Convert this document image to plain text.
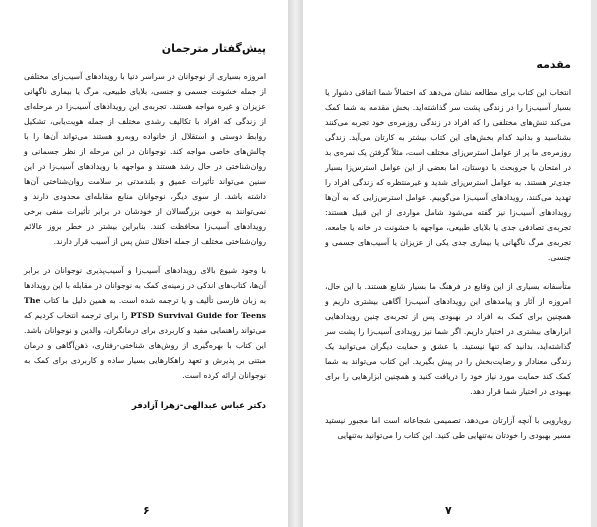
پیش‌گفتار مترجمان

امروزه بسیاری از نوجوانان در سراسر دنیا با رویدادهای آسیب‌زای مختلفی از جمله خشونت جسمی و جنسی، بلایای طبیعی، مرگ یا بیماری ناگهانی عزیزان و غیره مواجه هستند. تجربه‌ی این رویدادهای آسیب‌زا در مرحله‌ای از زندگی که افراد با تکالیف رشدی مختلف از جمله هویت‌یابی، تشکیل روابط دوستی و استقلال از خانواده روبه‌رو هستند می‌تواند آن‌ها را با چالش‌های خاصی مواجه کند. نوجوانان در این مرحله از نظر جسمانی و روان‌شناختی در حال رشد هستند و مواجهه با رویدادهای آسیب‌زا در این سنین می‌تواند تأثیرات عمیق و بلندمدتی بر سلامت روان‌شناختی آن‌ها داشته باشد. از سوی دیگر، نوجوانان منابع مقابله‌ای محدودی دارند و نمی‌توانند به خوبی بزرگسالان از خودشان در برابر تأثیرات منفی برخی رویدادهای آسیب‌زا محافظت کنند. بنابراین بیشتر در خطر بروز عالائم روان‌شناختی مختلف از جمله اختلال تنش پس از آسیب قرار دارند.

با وجود شیوع بالای رویدادهای آسیب‌زا و آسیب‌پذیری نوجوانان در برابر آن‌ها، کتاب‌های اندکی در زمینه‌ی کمک به نوجوانان در مقابله با این رویدادها به زبان فارسی تألیف و یا ترجمه شده است. به همین دلیل ما کتاب The PTSD Survival Guide for Teens را برای ترجمه انتخاب کردیم که می‌تواند راهنمایی مفید و کاربردی برای درمانگران، والدین و نوجوانان باشد. این کتاب با بهره‌گیری از روش‌های شناختی-رفتاری، ذهن‌آگاهی و درمان مبتنی بر پذیرش و تعهد راهکارهایی بسیار ساده و کاربردی برای کمک به نوجوانان ارائه کرده است.

دکتر عباس عبدالهی-زهرا آزادفر
۶
مقدمه

انتخاب این کتاب برای مطالعه نشان می‌دهد که احتمالاً شما اتفاقی دشوار یا بسیار آسیب‌زا را در زندگی پشت سر گذاشته‌اید. بخش مقدمه به شما کمک می‌کند تنش‌های مختلفی را که افراد در زندگی روزمره‌ی خود تجربه می‌کنند بشناسید و بدانید کدام بخش‌های این کتاب بیشتر به کارتان می‌آید. زندگی روزمره‌ی ما پر از عوامل استرس‌زای مختلف است، مثلاً گرفتن یک نمره‌ی بد در امتحان یا جروبحث با دوستان، اما بعضی از این عوامل استرس‌زا بسیار جدی‌تر هستند. به عوامل استرس‌زای شدید و غیرمنتظره که زندگی افراد را تهدید می‌کنند، رویدادهای آسیب‌زا می‌گوییم. عوامل استرس‌زایی که به آن‌ها رویدادهای آسیب‌زا نیز گفته می‌شود شامل مواردی از این قبیل هستند: تجربه‌ی تصادفی جدی یا بلایای طبیعی، مواجهه با خشونت در خانه یا جامعه، تجربه‌ی مرگ ناگهانی یا بیماری جدی یکی از عزیزان یا آسیب‌های جسمی و جنسی.

متأسفانه بسیاری از این وقایع در فرهنگ ما بسیار شایع هستند. با این حال، امروزه از آثار و پیامدهای این رویدادهای آسیب‌زا آگاهی بیشتری داریم و همچنین برای کمک به افراد در بهبودی پس از تجربه‌ی چنین رویدادهایی ابزارهای بیشتری در اختیار داریم. اگر شما نیز رویدادی آسیب‌زا را پشت سر گذاشته‌اید، بدانید که تنها نیستید. با عشق و حمایت دیگران می‌توانید یک زندگی معنادار و رضایت‌بخش را در پیش بگیرید. این کتاب می‌تواند به شما کمک کند حمایت مورد نیاز خود را دریافت کنید و همچنین ابزارهایی را برای بهبودی در اختیار شما قرار دهد.

رویارویی با آنچه آزارتان می‌دهد، تصمیمی شجاعانه است اما مجبور نیستید مسیر بهبودی را خودتان به‌تنهایی طی کنید. این کتاب را می‌توانید به‌تنهایی

۷
